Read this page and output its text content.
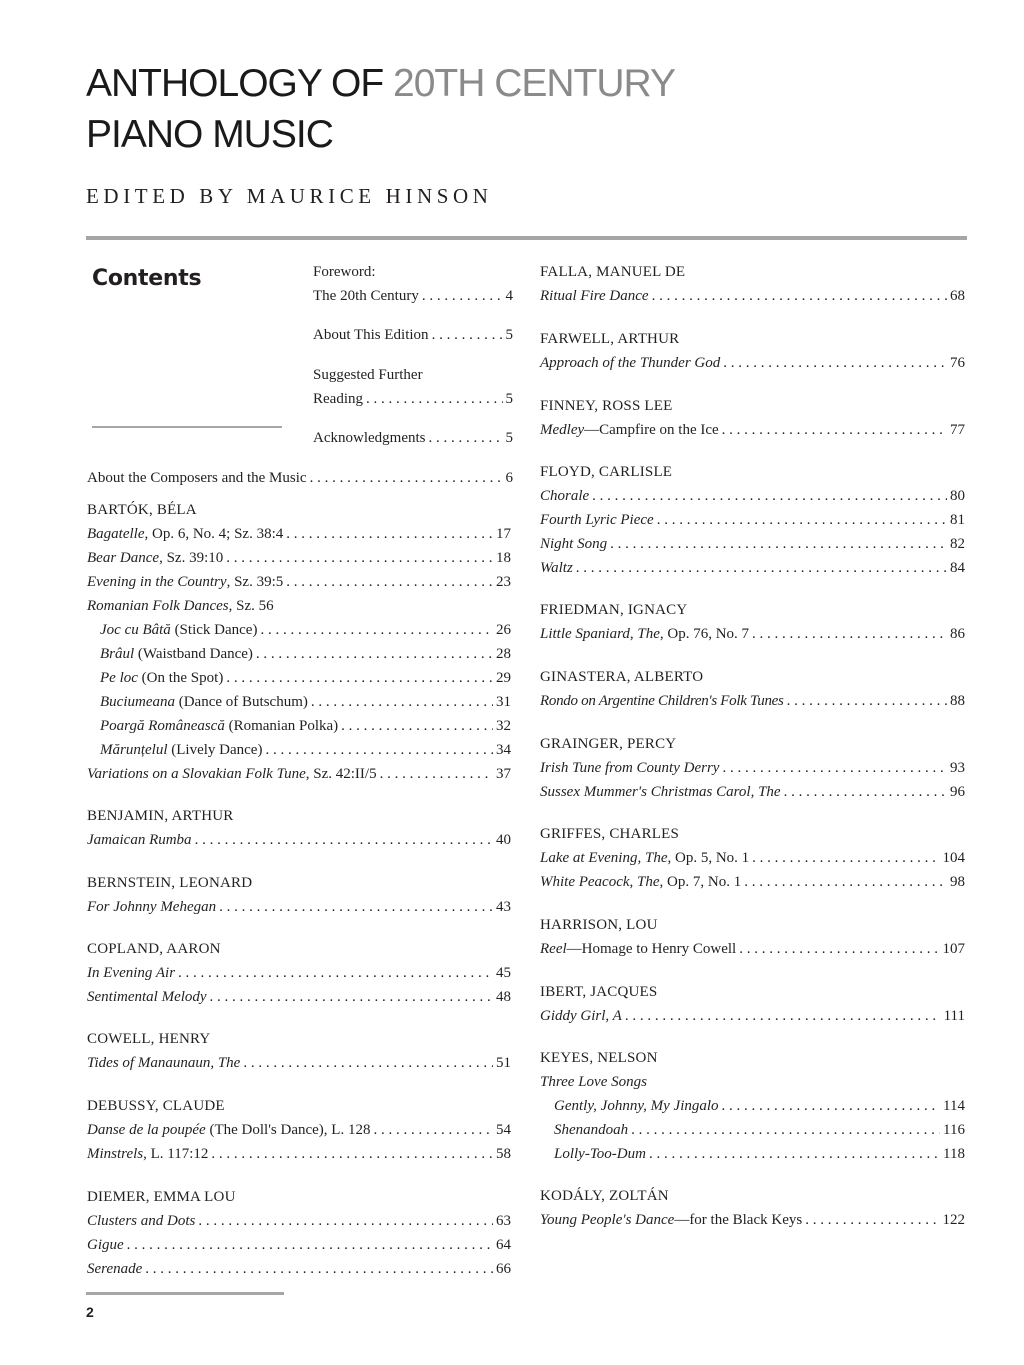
ANTHOLOGY OF 20TH CENTURY
PIANO MUSIC
EDITED BY MAURICE HINSON
Contents	Foreword:
The 20th Century . . .	4
About This Edition . . .	5
Suggested Further
Reading . . .	5
Acknowledgments . . .	5
About the Composers and the Music . . .	6
BARTÓK, BÉLA
Bagatelle, Op. 6, No. 4; Sz. 38:4 . . .	17
Bear Dance, Sz. 39:10 . . .	18
Evening in the Country, Sz. 39:5 . . .	23
Romanian Folk Dances, Sz. 56
Joc cu Bâtă (Stick Dance) . . .	26
Brâul (Waistband Dance) . . .	28
Pe loc (On the Spot) . . .	29
Buciumeana (Dance of Butschum) . . .	31
Poargă Românească (Romanian Polka) . . .	32
Mărunțelul (Lively Dance) . . .	34
Variations on a Slovakian Folk Tune, Sz. 42:II/5 . . .	37
BENJAMIN, ARTHUR
Jamaican Rumba . . .	40
BERNSTEIN, LEONARD
For Johnny Mehegan . . .	43
COPLAND, AARON
In Evening Air . . .	45
Sentimental Melody . . .	48
COWELL, HENRY
Tides of Manaunaun, The . . .	51
DEBUSSY, CLAUDE
Danse de la poupée (The Doll's Dance), L. 128 . . .	54
Minstrels, L. 117:12 . . .	58
DIEMER, EMMA LOU
Clusters and Dots . . .	63
Gigue . . .	64
Serenade . . .	66
FALLA, MANUEL DE
Ritual Fire Dance . . .	68
FARWELL, ARTHUR
Approach of the Thunder God . . .	76
FINNEY, ROSS LEE
Medley—Campfire on the Ice . . .	77
FLOYD, CARLISLE
Chorale . . .	80
Fourth Lyric Piece . . .	81
Night Song . . .	82
Waltz . . .	84
FRIEDMAN, IGNACY
Little Spaniard, The, Op. 76, No. 7 . . .	86
GINASTERA, ALBERTO
Rondo on Argentine Children's Folk Tunes . . .	88
GRAINGER, PERCY
Irish Tune from County Derry . . .	93
Sussex Mummer's Christmas Carol, The . . .	96
GRIFFES, CHARLES
Lake at Evening, The, Op. 5, No. 1 . . .	104
White Peacock, The, Op. 7, No. 1 . . .	98
HARRISON, LOU
Reel—Homage to Henry Cowell . . .	107
IBERT, JACQUES
Giddy Girl, A . . .	111
KEYES, NELSON
Three Love Songs
Gently, Johnny, My Jingalo . . .	114
Shenandoah . . .	116
Lolly-Too-Dum . . .	118
KODÁLY, ZOLTÁN
Young People's Dance—for the Black Keys . . .	122
2
